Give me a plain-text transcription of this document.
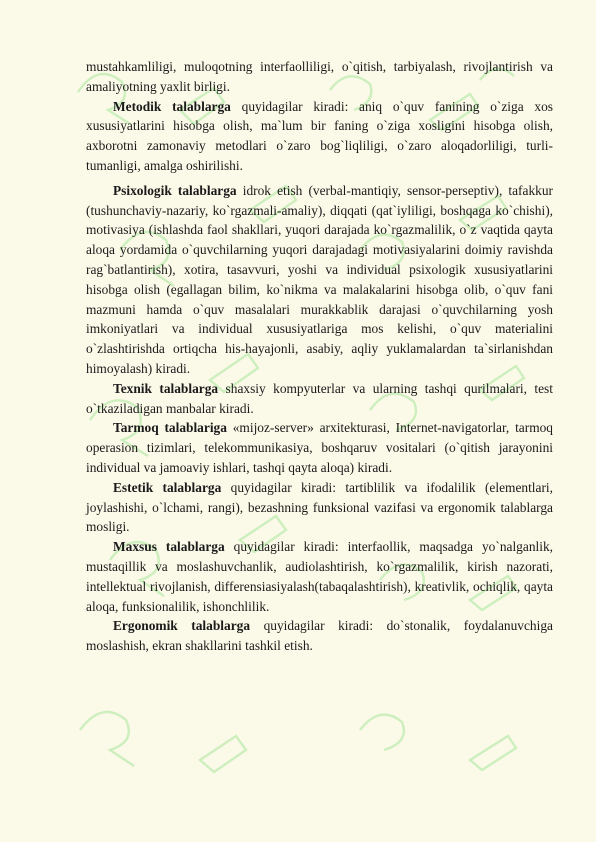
mustahkamliligi, muloqotning interfaolliligi, o`qitish, tarbiyalash, rivojlantirish va amaliyotning yaxlit birligi.

Metodik talablarga quyidagilar kiradi: aniq o`quv fanining o`ziga xos xususiyatlarini hisobga olish, ma`lum bir faning o`ziga xosligini hisobga olish, axborotni zamonaviy metodlari o`zaro bog`liqliligi, o`zaro aloqadorliligi, turli-tumanligi, amalga oshirilishi.

Psixologik talablarga idrok etish (verbal-mantiqiy, sensor-perseptiv), tafakkur (tushunchaviy-nazariy, ko`rgazmali-amaliy), diqqati (qat`iyliligi, boshqaga ko`chishi), motivasiya (ishlashda faol shakllari, yuqori darajada ko`rgazmalilik, o`z vaqtida qayta aloqa yordamida o`quvchilarning yuqori darajadagi motivasiyalarini doimiy ravishda rag`batlantirish), xotira, tasavvuri, yoshi va individual psixologik xususiyatlarini hisobga olish (egallagan bilim, ko`nikma va malakalarini hisobga olib, o`quv fani mazmuni hamda o`quv masalalari murakkablik darajasi o`quvchilarning yosh imkoniyatlari va individual xususiyatlariga mos kelishi, o`quv materialini o`zlashtirishda ortiqcha his-hayajonli, asabiy, aqliy yuklamalardan ta`sirlanishdan himoyalash) kiradi.

Texnik talablarga shaxsiy kompyuterlar va ularning tashqi qurilmalari, test o`tkaziladigan manbalar kiradi.

Tarmoq talablariga «mijoz-server» arxitekturasi, Internet-navigatorlar, tarmoq operasion tizimlari, telekommunikasiya, boshqaruv vositalari (o`qitish jarayonini individual va jamoaviy ishlari, tashqi qayta aloqa) kiradi.

Estetik talablarga quyidagilar kiradi: tartiblilik va ifodalilik (elementlari, joylashishi, o`lchami, rangi), bezashning funksional vazifasi va ergonomik talablarga mosligi.

Maxsus talablarga quyidagilar kiradi: interfaollik, maqsadga yo`nalganlik, mustaqillik va moslashuvchanlik, audiolashtirish, ko`rgazmalilik, kirish nazorati, intellektual rivojlanish, differensiasiyalash(tabaqalashtirish), kreativlik, ochiqlik, qayta aloqa, funksionalilik, ishonchlilik.

Ergonomik talablarga quyidagilar kiradi: do`stonalik, foydalanuvchiga moslashish, ekran shakllarini tashkil etish.
